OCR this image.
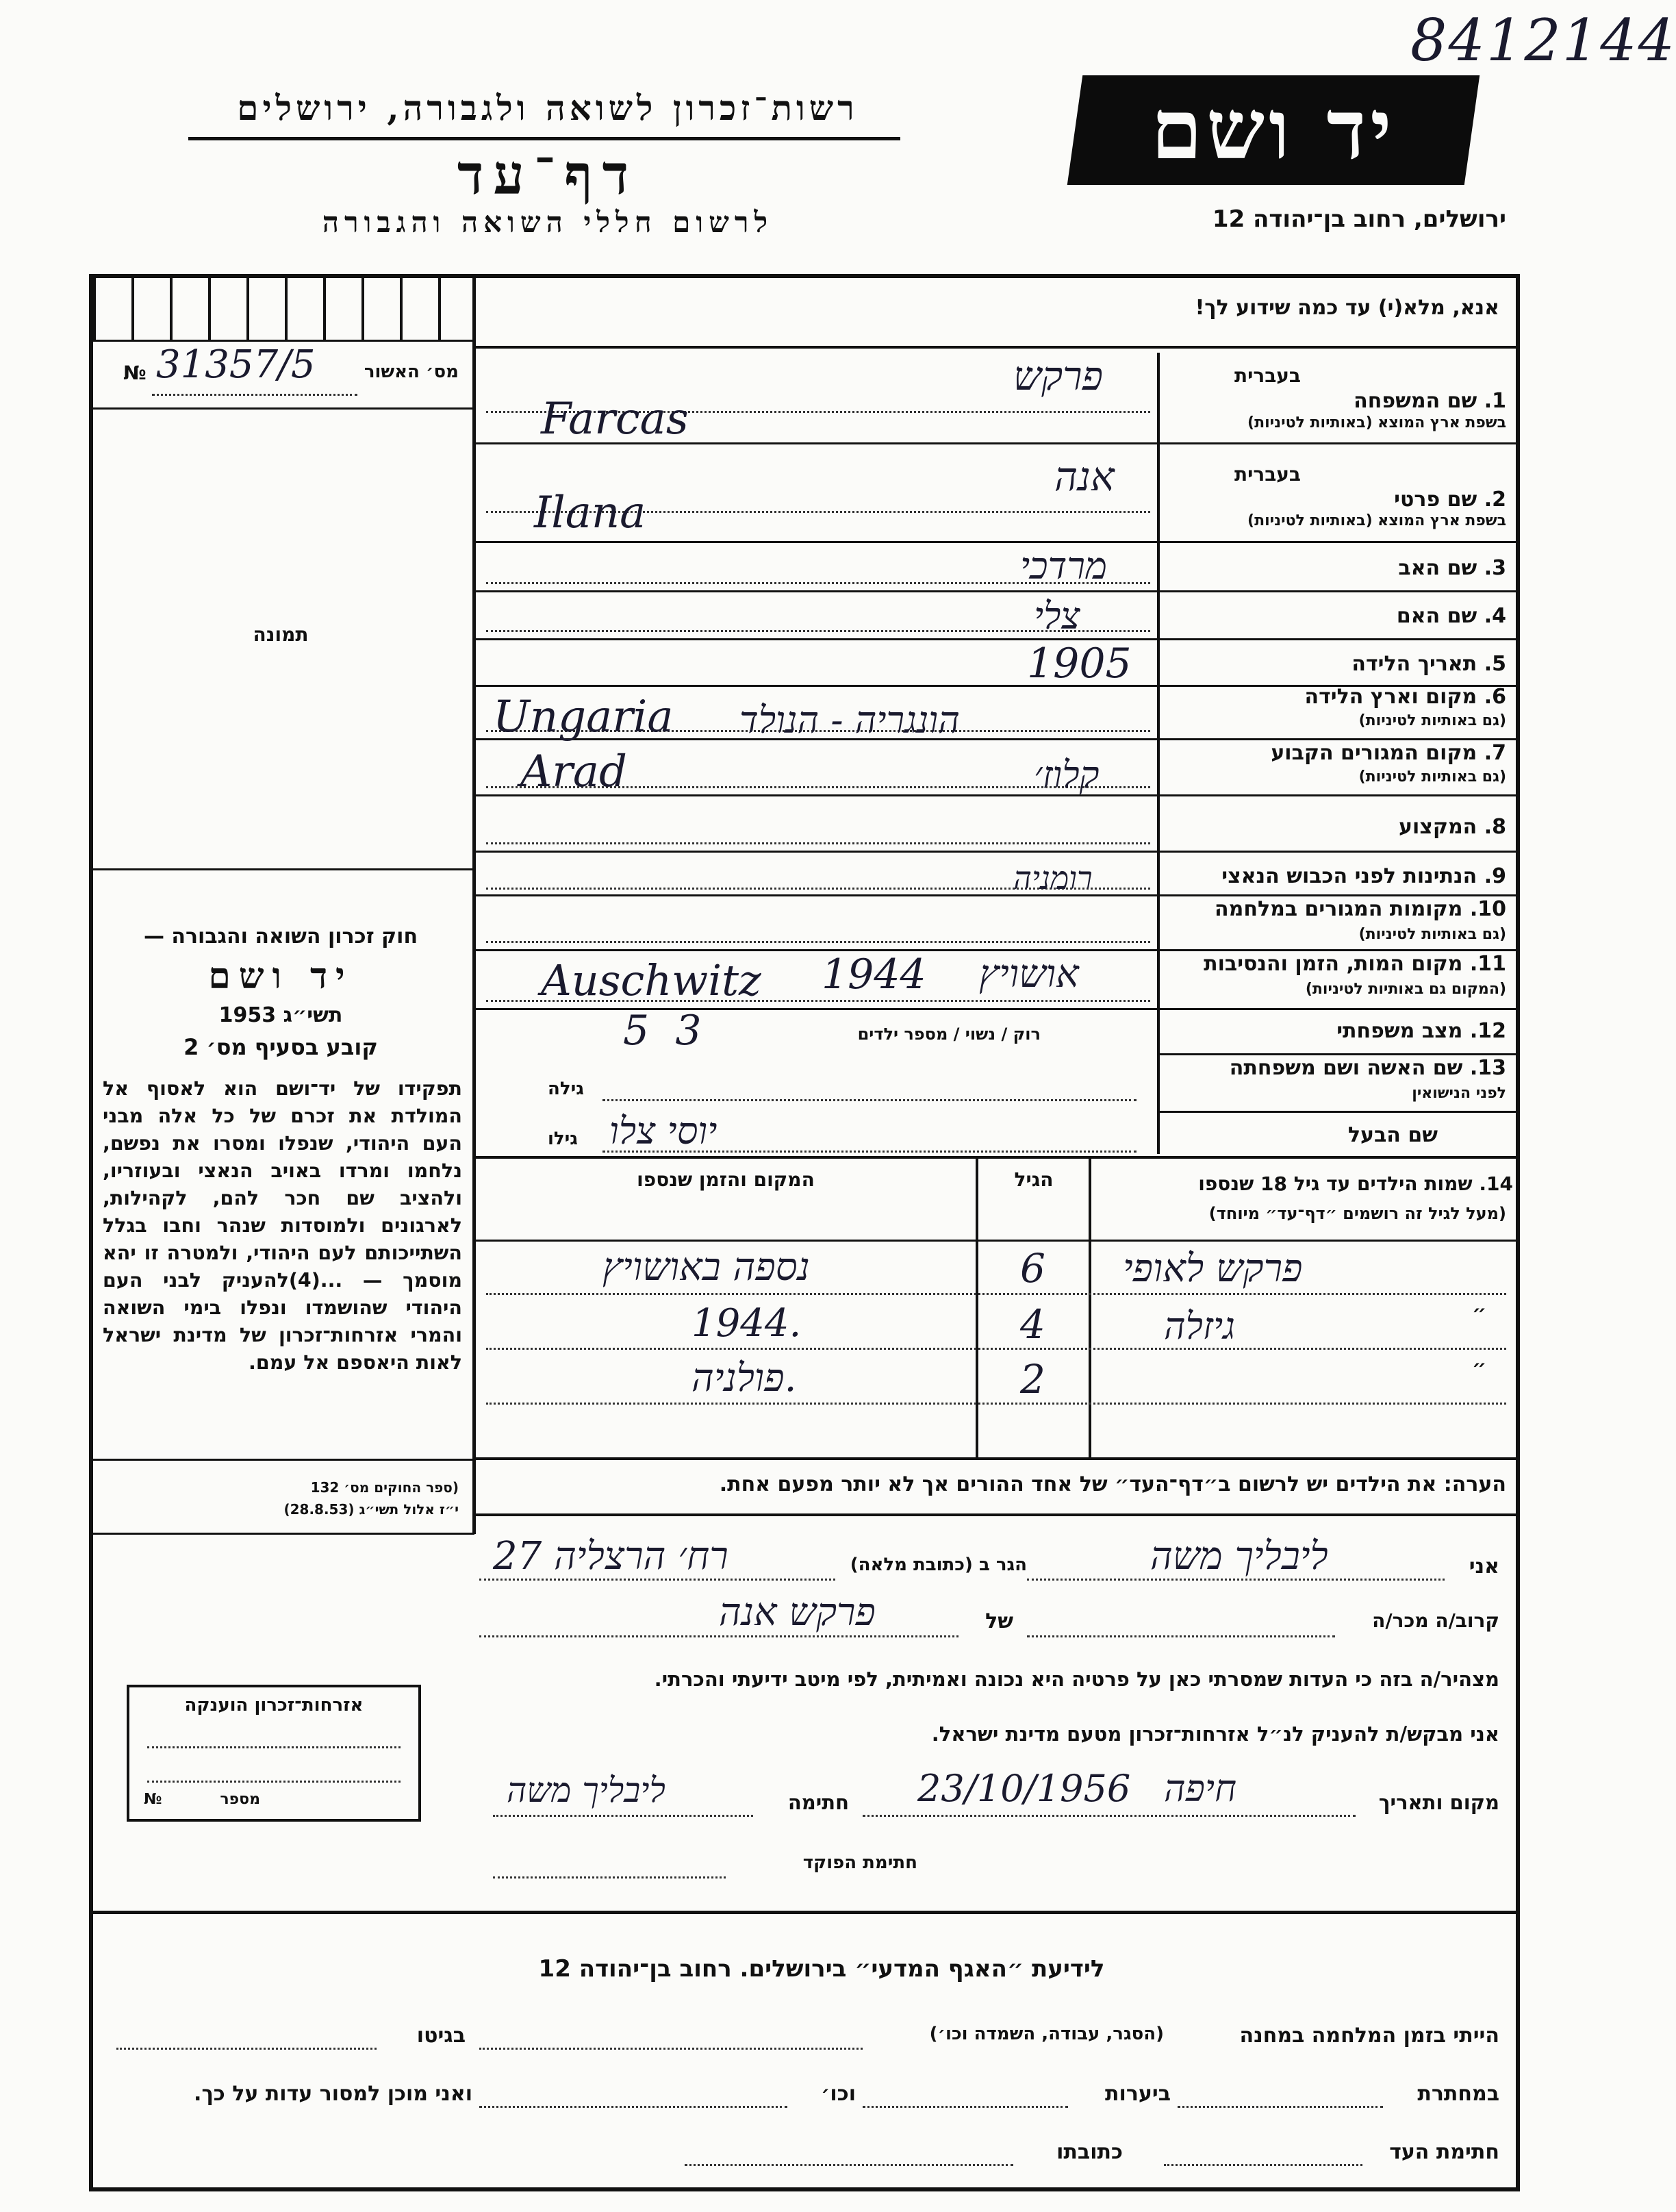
8412144
רשות־זכרון לשואה ולגבורה, ירושלים
דף־עד
לרשום חללי השואה והגבורה
יד ושם
ירושלים, רחוב בן־יהודה 12
מס׳ האשור
№ 31357/5
תמונה
חוק זכרון השואה והגבורה —
יד ושם
תשי״ג 1953
קובע בסעיף מס׳ 2
תפקידו של יד־ושם הוא לאסוף אל המולדת את זכרם של כל אלה מבני העם היהודי, שנפלו ומסרו את נפשם, נלחמו ומרדו באויב הנאצי ובעוזריו, ולהציב שם חכר להם, לקהילות, לארגונים ולמוסדות שנהר וחבו בגלל השתייכותם לעם היהודי, ולמטרה זו יהא מוסמך — ...(4)להעניק לבני העם היהודי שהושמדו ונפלו בימי השואה והמרי אזרחות־זכרון של מדינת ישראל לאות היאספם אל עמם.
(ספר החוקים מס׳ 132
י״ז אלול תשי״ג (28.8.53)
אנא, מלא(י) עד כמה שידוע לך!
בעברית
1. שם המשפחה
בשפת ארץ המוצא (באותיות לטיניות)
בעברית
2. שם פרטי
בשפת ארץ המוצא (באותיות לטיניות)
3. שם האב
4. שם האם
5. תאריך הלידה
6. מקום וארץ הלידה
(גם באותיות לטיניות)
7. מקום המגורים הקבוע
(גם באותיות לטיניות)
8. המקצוע
9. הנתינות לפני הכבוש הנאצי
10. מקומות המגורים במלחמה
(גם באותיות לטיניות)
11. מקום המות, הזמן והנסיבות
(המקום גם באותיות לטיניות)
12. מצב משפחתי
רוק / נשוי / מספר ילדים
13. שם האשה ושם משפחתה
לפני הנישואין
גילה
שם הבעל
גילו
פרקש
Farcas
אנה
Ilana
מרדכי
צלי
1905
Ungaria הונגריה - הנולד
Arad	קלוז׳
רומניה
Auschwitz 1944 אושויץ
5  3
יוסי צלו
14. שמות הילדים עד גיל 18 שנספו
(מעל לגיל זה רושמים ״דף־עד״ מיוחד)
הגיל
המקום והזמן שנספו
״
״
פרקש לאופי
6
נספה באושויץ
גיזלה
4
1944.
2
פולניה.
הערה: את הילדים יש לרשום ב״דף־העד״ של אחד ההורים אך לא יותר מפעם אחת.
אני
ליבליך משה
הגר ב (כתובת מלאה)
רח׳ הרצליה 27
קרוב/ה מכר/ה
של
פרקש אנה
מצהיר/ה בזה כי העדות שמסרתי כאן על פרטיה היא נכונה ואמיתית, לפי מיטב ידיעתי והכרתי.
אני מבקש/ת להעניק לנ״ל אזרחות־זכרון מטעם מדינת ישראל.
מקום ותאריך
חיפה
23/10/1956
חתימה
ליבליך משה
חתימת הפוקד
אזרחות־זכרון הוענקה
מספר
№
לידיעת ״האגף המדעי״ בירושלים. רחוב בן־יהודה 12
הייתי בזמן המלחמה במחנה
(הסגר, עבודה, השמדה וכו׳)
בגיטו
במחתרת
ביערות
וכו׳
ואני מוכן למסור עדות על כך.
חתימת העד
כתובתו
